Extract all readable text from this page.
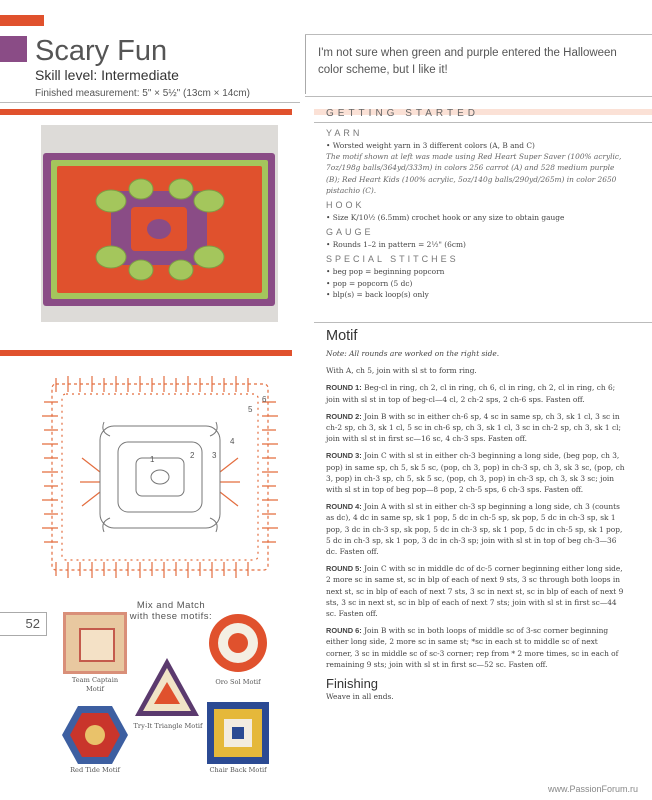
Scary Fun
Skill level: Intermediate
Finished measurement: 5" × 5½" (13cm × 14cm)
I'm not sure when green and purple entered the Halloween color scheme, but I like it!
1	2 3
4
5
6
52
Mix and Match with these motifs:
Team Captain Motif
Oro Sol Motif
Try-It Triangle Motif
Red Tide Motif	Chair Back Motif
GETTING STARTED
YARN
• Worsted weight yarn in 3 different colors (A, B and C)
The motif shown at left was made using Red Heart Super Saver (100% acrylic, 7oz/198g balls/364yd/333m) in colors 256 carrot (A) and 528 medium purple (B); Red Heart Kids (100% acrylic, 5oz/140g balls/290yd/265m) in color 2650 pistachio (C).
HOOK
• Size K/10½ (6.5mm) crochet hook or any size to obtain gauge
GAUGE
• Rounds 1–2 in pattern = 2½" (6cm)
SPECIAL STITCHES
• beg pop = beginning popcorn
• pop = popcorn (5 dc)
• blp(s) = back loop(s) only
Motif
Note: All rounds are worked on the right side.
With A, ch 5, join with sl st to form ring.

ROUND 1: Beg-cl in ring, ch 2, cl in ring, ch 6, cl in ring, ch 2, cl in ring, ch 6; join with sl st in top of beg-cl—4 cl, 2 ch-2 sps, 2 ch-6 sps. Fasten off.

ROUND 2: Join B with sc in either ch-6 sp, 4 sc in same sp, ch 3, sk 1 cl, 3 sc in ch-2 sp, ch 3, sk 1 cl, 5 sc in ch-6 sp, ch 3, sk 1 cl, 3 sc in ch-2 sp, ch 3, sk 1 cl; join with sl st in first sc—16 sc, 4 ch-3 sps. Fasten off.

ROUND 3: Join C with sl st in either ch-3 beginning a long side, (beg pop, ch 3, pop) in same sp, ch 5, sk 5 sc, (pop, ch 3, pop) in ch-3 sp, ch 3, sk 3 sc, (pop, ch 3, pop) in ch-3 sp, ch 5, sk 5 sc, (pop, ch 3, pop) in ch-3 sp, ch 3, sk 3 sc; join with sl st in top of beg pop—8 pop, 2 ch-5 sps, 6 ch-3 sps. Fasten off.

ROUND 4: Join A with sl st in either ch-3 sp beginning a long side, ch 3 (counts as dc), 4 dc in same sp, sk 1 pop, 5 dc in ch-5 sp, sk pop, 5 dc in ch-3 sp, sk 1 pop, 3 dc in ch-3 sp, sk pop, 5 dc in ch-3 sp, sk 1 pop, 5 dc in ch-5 sp, sk 1 pop, 5 dc in ch-3 sp, sk 1 pop, 3 dc in ch-3 sp; join with sl st in top of beg ch-3—36 dc. Fasten off.

ROUND 5: Join C with sc in middle dc of dc-5 corner beginning either long side, 2 more sc in same st, sc in blp of each of next 9 sts, 3 sc through both loops in next st, sc in blp of each of next 7 sts, 3 sc in next st, sc in blp of each of next 9 sts, 3 sc in next st, sc in blp of each of next 7 sts; join with sl st in first sc—44 sc. Fasten off.

ROUND 6: Join B with sc in both loops of middle sc of 3-sc corner beginning either long side, 2 more sc in same st; *sc in each st to middle sc of next corner, 3 sc in middle sc of sc-3 corner; rep from * 2 more times, sc in each of remaining 9 sts; join with sl st in first sc—52 sc. Fasten off.

Finishing
Weave in all ends.
www.PassionForum.ru
